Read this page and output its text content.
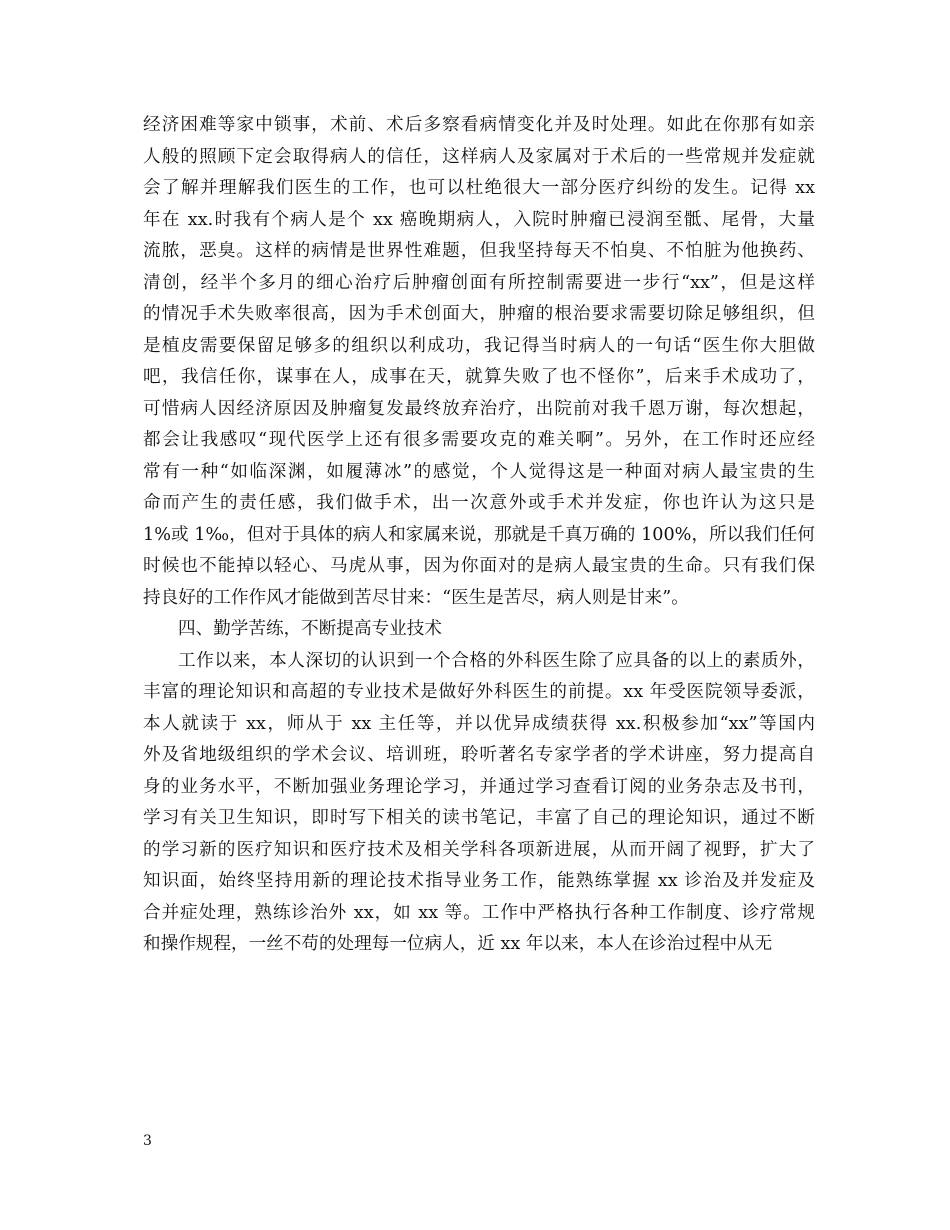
经济困难等家中锁事，术前、术后多察看病情变化并及时处理。如此在你那有如亲
人般的照顾下定会取得病人的信任，这样病人及家属对于术后的一些常规并发症就
会了解并理解我们医生的工作，也可以杜绝很大一部分医疗纠纷的发生。记得 xx
年在 xx.时我有个病人是个 xx 癌晚期病人，入院时肿瘤已浸润至骶、尾骨，大量
流脓，恶臭。这样的病情是世界性难题，但我坚持每天不怕臭、不怕脏为他换药、
清创，经半个多月的细心治疗后肿瘤创面有所控制需要进一步行“xx”，但是这样
的情况手术失败率很高，因为手术创面大，肿瘤的根治要求需要切除足够组织，但
是植皮需要保留足够多的组织以利成功，我记得当时病人的一句话“医生你大胆做
吧，我信任你，谋事在人，成事在天，就算失败了也不怪你”，后来手术成功了，
可惜病人因经济原因及肿瘤复发最终放弃治疗，出院前对我千恩万谢，每次想起，
都会让我感叹“现代医学上还有很多需要攻克的难关啊”。另外，在工作时还应经
常有一种“如临深渊，如履薄冰”的感觉，个人觉得这是一种面对病人最宝贵的生
命而产生的责任感，我们做手术，出一次意外或手术并发症，你也许认为这只是
1%或 1‰，但对于具体的病人和家属来说，那就是千真万确的 100%，所以我们任何
时候也不能掉以轻心、马虎从事，因为你面对的是病人最宝贵的生命。只有我们保
持良好的工作作风才能做到苦尽甘来：“医生是苦尽，病人则是甘来”。
四、勤学苦练，不断提高专业技术
工作以来，本人深切的认识到一个合格的外科医生除了应具备的以上的素质外，
丰富的理论知识和高超的专业技术是做好外科医生的前提。xx 年受医院领导委派，
本人就读于 xx，师从于 xx 主任等，并以优异成绩获得 xx.积极参加“xx”等国内
外及省地级组织的学术会议、培训班，聆听著名专家学者的学术讲座，努力提高自
身的业务水平，不断加强业务理论学习，并通过学习查看订阅的业务杂志及书刊，
学习有关卫生知识，即时写下相关的读书笔记，丰富了自己的理论知识，通过不断
的学习新的医疗知识和医疗技术及相关学科各项新进展，从而开阔了视野，扩大了
知识面，始终坚持用新的理论技术指导业务工作，能熟练掌握 xx 诊治及并发症及
合并症处理，熟练诊治外 xx，如 xx 等。工作中严格执行各种工作制度、诊疗常规
和操作规程，一丝不苟的处理每一位病人，近 xx 年以来，本人在诊治过程中从无
3
